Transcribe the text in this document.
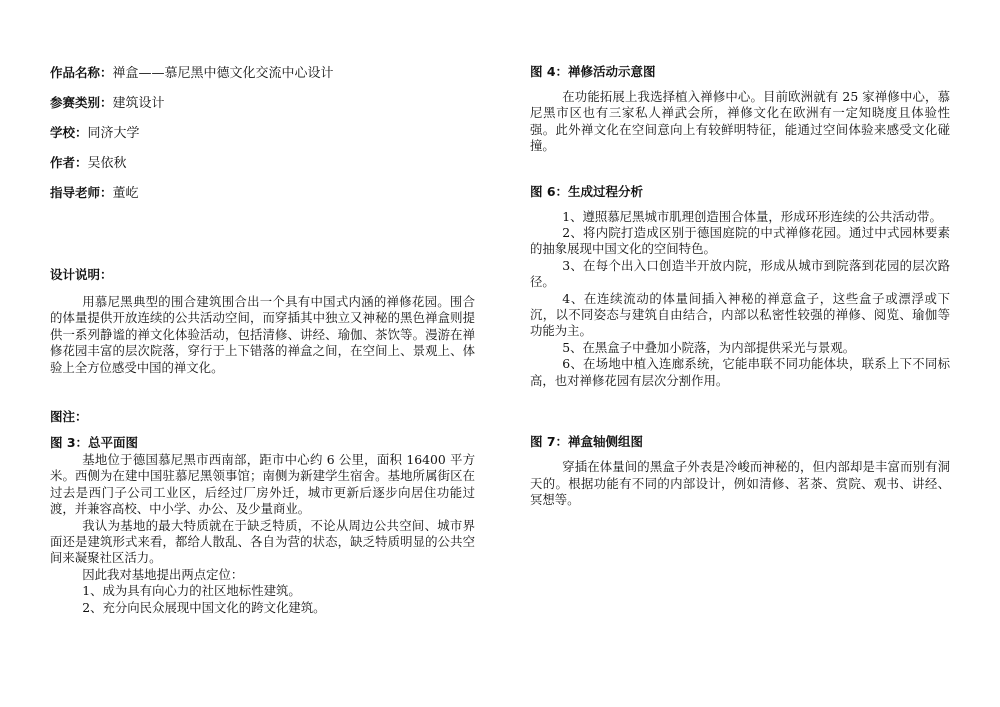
作品名称：禅盒——慕尼黑中德文化交流中心设计
参赛类别：建筑设计
学校：同济大学
作者：吴依秋
指导老师：董屹
设计说明：

用慕尼黑典型的围合建筑围合出一个具有中国式内涵的禅修花园。围合的体量提供开放连续的公共活动空间，而穿插其中独立又神秘的黑色禅盒则提供一系列静谧的禅文化体验活动，包括清修、讲经、瑜伽、茶饮等。漫游在禅修花园丰富的层次院落，穿行于上下错落的禅盒之间，在空间上、景观上、体验上全方位感受中国的禅文化。

图注：
图 3：总平面图

基地位于德国慕尼黑市西南部，距市中心约 6 公里，面积 16400 平方米。西侧为在建中国驻慕尼黑领事馆；南侧为新建学生宿舍。基地所属街区在过去是西门子公司工业区，后经过厂房外迁，城市更新后逐步向居住功能过渡，并兼容高校、中小学、办公、及少量商业。

我认为基地的最大特质就在于缺乏特质，不论从周边公共空间、城市界面还是建筑形式来看，都给人散乱、各自为营的状态，缺乏特质明显的公共空间来凝聚社区活力。

因此我对基地提出两点定位：

1、成为具有向心力的社区地标性建筑。

2、充分向民众展现中国文化的跨文化建筑。

图 4：禅修活动示意图

在功能拓展上我选择植入禅修中心。目前欧洲就有 25 家禅修中心，慕尼黑市区也有三家私人禅武会所，禅修文化在欧洲有一定知晓度且体验性强。此外禅文化在空间意向上有较鲜明特征，能通过空间体验来感受文化碰撞。

图 6：生成过程分析

1、遵照慕尼黑城市肌理创造围合体量，形成环形连续的公共活动带。

2、将内院打造成区别于德国庭院的中式禅修花园。通过中式园林要素的抽象展现中国文化的空间特色。

3、在每个出入口创造半开放内院，形成从城市到院落到花园的层次路径。

4、在连续流动的体量间插入神秘的禅意盒子，这些盒子或漂浮或下沉，以不同姿态与建筑自由结合，内部以私密性较强的禅修、阅览、瑜伽等功能为主。

5、在黑盒子中叠加小院落，为内部提供采光与景观。

6、在场地中植入连廊系统，它能串联不同功能体块，联系上下不同标高，也对禅修花园有层次分割作用。

图 7：禅盒轴侧组图

穿插在体量间的黑盒子外表是冷峻而神秘的，但内部却是丰富而别有洞天的。根据功能有不同的内部设计，例如清修、茗茶、赏院、观书、讲经、冥想等。
